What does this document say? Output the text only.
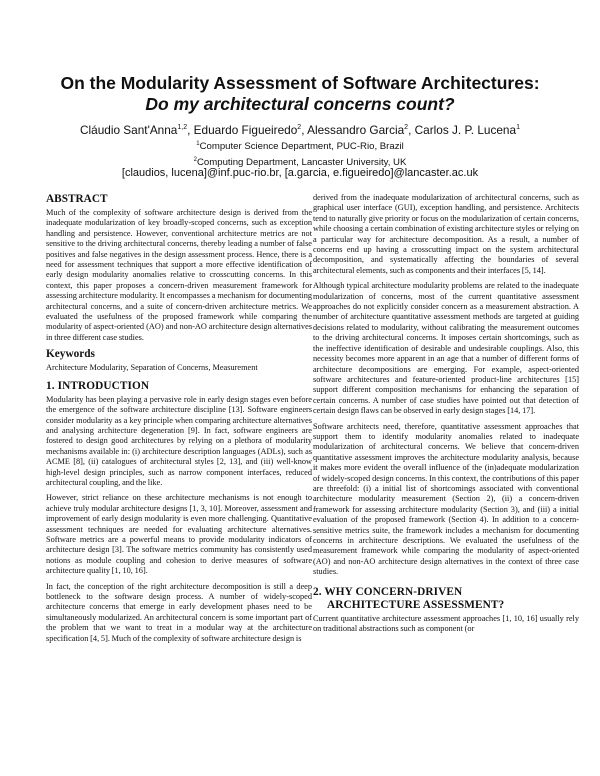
On the Modularity Assessment of Software Architectures:
Do my architectural concerns count?
Cláudio Sant'Anna$^{1,2}$, Eduardo Figueiredo$^2$, Alessandro Garcia$^2$, Carlos J. P. Lucena$^1$
$^1$Computer Science Department, PUC-Rio, Brazil
$^2$Computing Department, Lancaster University, UK
[claudios, lucena]@inf.puc-rio.br, [a.garcia, e.figueiredo]@lancaster.ac.uk
ABSTRACT

Much of the complexity of software architecture design is derived from the inadequate modularization of key broadly-scoped concerns, such as exception handling and persistence. However, conventional architecture metrics are not sensitive to the driving architectural concerns, thereby leading a number of false positives and false negatives in the design assessment process. Hence, there is a need for assessment techniques that support a more effective identification of early design modularity anomalies relative to crosscutting concerns. In this context, this paper proposes a concern-driven measurement framework for assessing architecture modularity. It encompasses a mechanism for documenting architectural concerns, and a suite of concern-driven architecture metrics. We evaluated the usefulness of the proposed framework while comparing the modularity of aspect-oriented (AO) and non-AO architecture design alternatives in three different case studies.

Keywords

Architecture Modularity, Separation of Concerns, Measurement

1. INTRODUCTION

Modularity has been playing a pervasive role in early design stages even before the emergence of the software architecture discipline [13]. Software engineers consider modularity as a key principle when comparing architecture alternatives and analysing architecture degeneration [9]. In fact, software engineers are fostered to design good architectures by relying on a plethora of modularity mechanisms available in: (i) architecture description languages (ADLs), such as ACME [8], (ii) catalogues of architectural styles [2, 13], and (iii) well-know high-level design principles, such as narrow component interfaces, reduced architectural coupling, and the like.

However, strict reliance on these architecture mechanisms is not enough to achieve truly modular architecture designs [1, 3, 10]. Moreover, assessment and improvement of early design modularity is even more challenging. Quantitative assessment techniques are needed for evaluating architecture alternatives. Software metrics are a powerful means to provide modularity indicators of architecture design [3]. The software metrics community has consistently used notions as module coupling and cohesion to derive measures of software architecture quality [1, 10, 16].

In fact, the conception of the right architecture decomposition is still a deep bottleneck to the software design process. A number of widely-scoped architecture concerns that emerge in early development phases need to be simultaneously modularized. An architectural concern is some important part of the problem that we want to treat in a modular way at the architecture specification [4, 5]. Much of the complexity of software architecture design is

derived from the inadequate modularization of architectural concerns, such as graphical user interface (GUI), exception handling, and persistence. Architects tend to naturally give priority or focus on the modularization of certain concerns, while choosing a certain combination of existing architecture styles or relying on a particular way for architecture decomposition. As a result, a number of concerns end up having a crosscutting impact on the system architectural decomposition, and systematically affecting the boundaries of several architectural elements, such as components and their interfaces [5, 14].

Although typical architecture modularity problems are related to the inadequate modularization of concerns, most of the current quantitative assessment approaches do not explicitly consider concern as a measurement abstraction. A number of architecture quantitative assessment methods are targeted at guiding decisions related to modularity, without calibrating the measurement outcomes to the driving architectural concerns. It imposes certain shortcomings, such as the ineffective identification of desirable and undesirable couplings. Also, this necessity becomes more apparent in an age that a number of different forms of architecture decompositions are emerging. For example, aspect-oriented software architectures and feature-oriented product-line architectures [15] support different composition mechanisms for enhancing the separation of certain concerns. A number of case studies have pointed out that detection of certain design flaws can be observed in early design stages [14, 17].

Software architects need, therefore, quantitative assessment approaches that support them to identify modularity anomalies related to inadequate modularization of architectural concerns. We believe that concern-driven quantitative assessment improves the architecture modularity analysis, because it makes more evident the overall influence of the (in)adequate modularization of widely-scoped design concerns. In this context, the contributions of this paper are threefold: (i) a initial list of shortcomings associated with conventional architecture modularity measurement (Section 2), (ii) a concern-driven framework for assessing architecture modularity (Section 3), and (iii) a initial evaluation of the proposed framework (Section 4). In addition to a concern-sensitive metrics suite, the framework includes a mechanism for documenting concerns in architecture descriptions. We evaluated the usefulness of the measurement framework while comparing the modularity of aspect-oriented (AO) and non-AO architecture design alternatives in the context of three case studies.

2. WHY CONCERN-DRIVEN
ARCHITECTURE ASSESSMENT?

Current quantitative architecture assessment approaches [1, 10, 16] usually rely on traditional abstractions such as component (or
